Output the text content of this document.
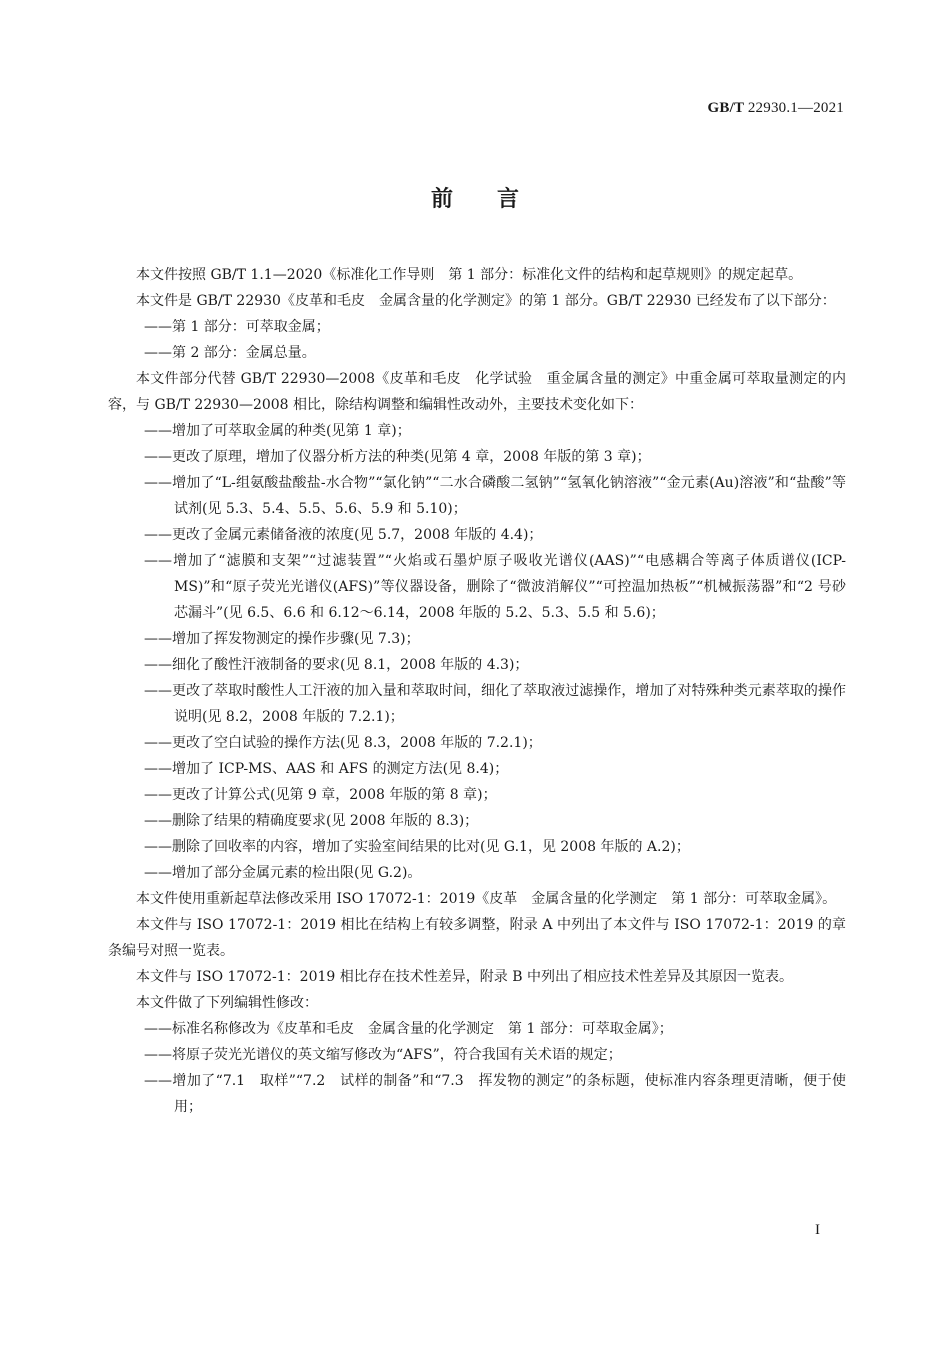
GB/T 22930.1—2021
前言

本文件按照 GB/T 1.1—2020《标准化工作导则　第 1 部分：标准化文件的结构和起草规则》的规定起草。

本文件是 GB/T 22930《皮革和毛皮　金属含量的化学测定》的第 1 部分。GB/T 22930 已经发布了以下部分：

——第 1 部分：可萃取金属；

——第 2 部分：金属总量。

本文件部分代替 GB/T 22930—2008《皮革和毛皮　化学试验　重金属含量的测定》中重金属可萃取量测定的内容，与 GB/T 22930—2008 相比，除结构调整和编辑性改动外，主要技术变化如下：

——增加了可萃取金属的种类(见第 1 章)；

——更改了原理，增加了仪器分析方法的种类(见第 4 章，2008 年版的第 3 章)；

——增加了“L-组氨酸盐酸盐-水合物”“氯化钠”“二水合磷酸二氢钠”“氢氧化钠溶液”“金元素(Au)溶液”和“盐酸”等试剂(见 5.3、5.4、5.5、5.6、5.9 和 5.10)；

——更改了金属元素储备液的浓度(见 5.7，2008 年版的 4.4)；

——增加了“滤膜和支架”“过滤装置”“火焰或石墨炉原子吸收光谱仪(AAS)”“电感耦合等离子体质谱仪(ICP-MS)”和“原子荧光光谱仪(AFS)”等仪器设备，删除了“微波消解仪”“可控温加热板”“机械振荡器”和“2 号砂芯漏斗”(见 6.5、6.6 和 6.12～6.14，2008 年版的 5.2、5.3、5.5 和 5.6)；

——增加了挥发物测定的操作步骤(见 7.3)；

——细化了酸性汗液制备的要求(见 8.1，2008 年版的 4.3)；

——更改了萃取时酸性人工汗液的加入量和萃取时间，细化了萃取液过滤操作，增加了对特殊种类元素萃取的操作说明(见 8.2，2008 年版的 7.2.1)；

——更改了空白试验的操作方法(见 8.3，2008 年版的 7.2.1)；

——增加了 ICP-MS、AAS 和 AFS 的测定方法(见 8.4)；

——更改了计算公式(见第 9 章，2008 年版的第 8 章)；

——删除了结果的精确度要求(见 2008 年版的 8.3)；

——删除了回收率的内容，增加了实验室间结果的比对(见 G.1，见 2008 年版的 A.2)；

——增加了部分金属元素的检出限(见 G.2)。

本文件使用重新起草法修改采用 ISO 17072-1：2019《皮革　金属含量的化学测定　第 1 部分：可萃取金属》。

本文件与 ISO 17072-1：2019 相比在结构上有较多调整，附录 A 中列出了本文件与 ISO 17072-1：2019 的章条编号对照一览表。

本文件与 ISO 17072-1：2019 相比存在技术性差异，附录 B 中列出了相应技术性差异及其原因一览表。

本文件做了下列编辑性修改：

——标准名称修改为《皮革和毛皮　金属含量的化学测定　第 1 部分：可萃取金属》；

——将原子荧光光谱仪的英文缩写修改为“AFS”，符合我国有关术语的规定；

——增加了“7.1　取样”“7.2　试样的制备”和“7.3　挥发物的测定”的条标题，使标准内容条理更清晰，便于使用；

I
